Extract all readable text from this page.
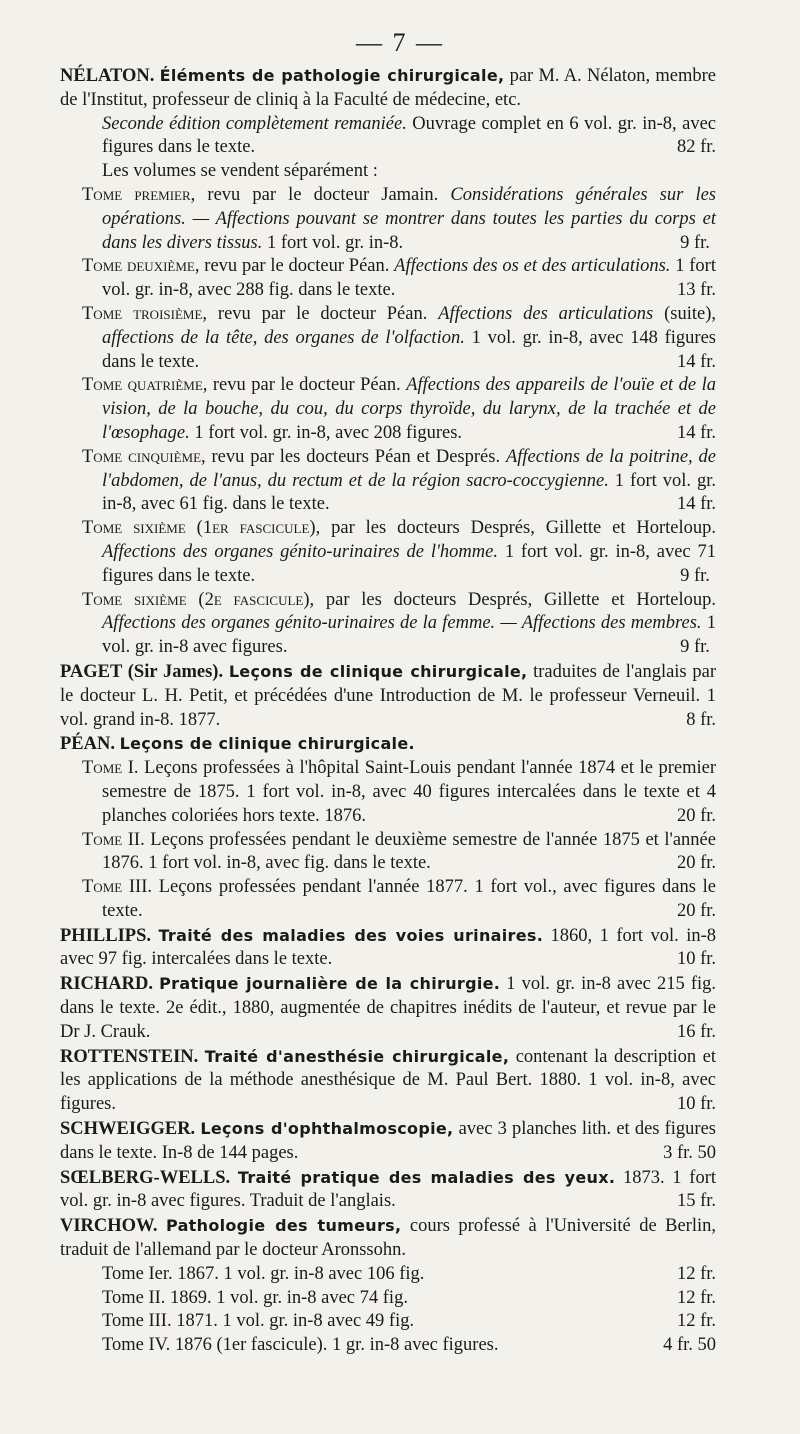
— 7 —

NÉLATON. Éléments de pathologie chirurgicale, par M. A. Nélaton, membre de l'Institut, professeur de cliniq à la Faculté de médecine, etc.

Seconde édition complètement remaniée. Ouvrage complet en 6 vol. gr. in-8, avec figures dans le texte.	82 fr.

Les volumes se vendent séparément :

Tome premier, revu par le docteur Jamain. Considérations générales sur les opérations. — Affections pouvant se montrer dans toutes les parties du corps et dans les divers tissus. 1 fort vol. gr. in-8.	9 fr.

Tome deuxième, revu par le docteur Péan. Affections des os et des articulations. 1 fort vol. gr. in-8, avec 288 fig. dans le texte.	13 fr.

Tome troisième, revu par le docteur Péan. Affections des articulations (suite), affections de la tête, des organes de l'olfaction. 1 vol. gr. in-8, avec 148 figures dans le texte.	14 fr.

Tome quatrième, revu par le docteur Péan. Affections des appareils de l'ouïe et de la vision, de la bouche, du cou, du corps thyroïde, du larynx, de la trachée et de l'œsophage. 1 fort vol. gr. in-8, avec 208 figures.	14 fr.

Tome cinquième, revu par les docteurs Péan et Després. Affections de la poitrine, de l'abdomen, de l'anus, du rectum et de la région sacro-coccygienne. 1 fort vol. gr. in-8, avec 61 fig. dans le texte.	14 fr.

Tome sixième (1er fascicule), par les docteurs Després, Gillette et Horteloup. Affections des organes génito-urinaires de l'homme. 1 fort vol. gr. in-8, avec 71 figures dans le texte.	9 fr.

Tome sixième (2e fascicule), par les docteurs Després, Gillette et Horteloup. Affections des organes génito-urinaires de la femme. — Affections des membres. 1 vol. gr. in-8 avec figures.	9 fr.

PAGET (Sir James). Leçons de clinique chirurgicale, traduites de l'anglais par le docteur L. H. Petit, et précédées d'une Introduction de M. le professeur Verneuil. 1 vol. grand in-8. 1877.	8 fr.

PÉAN. Leçons de clinique chirurgicale.

Tome I. Leçons professées à l'hôpital Saint-Louis pendant l'année 1874 et le premier semestre de 1875. 1 fort vol. in-8, avec 40 figures intercalées dans le texte et 4 planches coloriées hors texte. 1876.	20 fr.

Tome II. Leçons professées pendant le deuxième semestre de l'année 1875 et l'année 1876. 1 fort vol. in-8, avec fig. dans le texte.	20 fr.

Tome III. Leçons professées pendant l'année 1877. 1 fort vol., avec figures dans le texte.	20 fr.

PHILLIPS. Traité des maladies des voies urinaires. 1860, 1 fort vol. in-8 avec 97 fig. intercalées dans le texte.	10 fr.

RICHARD. Pratique journalière de la chirurgie. 1 vol. gr. in-8 avec 215 fig. dans le texte. 2e édit., 1880, augmentée de chapitres inédits de l'auteur, et revue par le Dr J. Crauk.	16 fr.

ROTTENSTEIN. Traité d'anesthésie chirurgicale, contenant la description et les applications de la méthode anesthésique de M. Paul Bert. 1880. 1 vol. in-8, avec figures.	10 fr.

SCHWEIGGER. Leçons d'ophthalmoscopie, avec 3 planches lith. et des figures dans le texte. In-8 de 144 pages.	3 fr. 50

SŒLBERG-WELLS. Traité pratique des maladies des yeux. 1873. 1 fort vol. gr. in-8 avec figures. Traduit de l'anglais.	15 fr.

VIRCHOW. Pathologie des tumeurs, cours professé à l'Université de Berlin, traduit de l'allemand par le docteur Aronssohn.

Tome Ier. 1867. 1 vol. gr. in-8 avec 106 fig.	12 fr.

Tome II. 1869. 1 vol. gr. in-8 avec 74 fig.	12 fr.

Tome III. 1871. 1 vol. gr. in-8 avec 49 fig.	12 fr.

Tome IV. 1876 (1er fascicule). 1 gr. in-8 avec figures.	4 fr. 50
